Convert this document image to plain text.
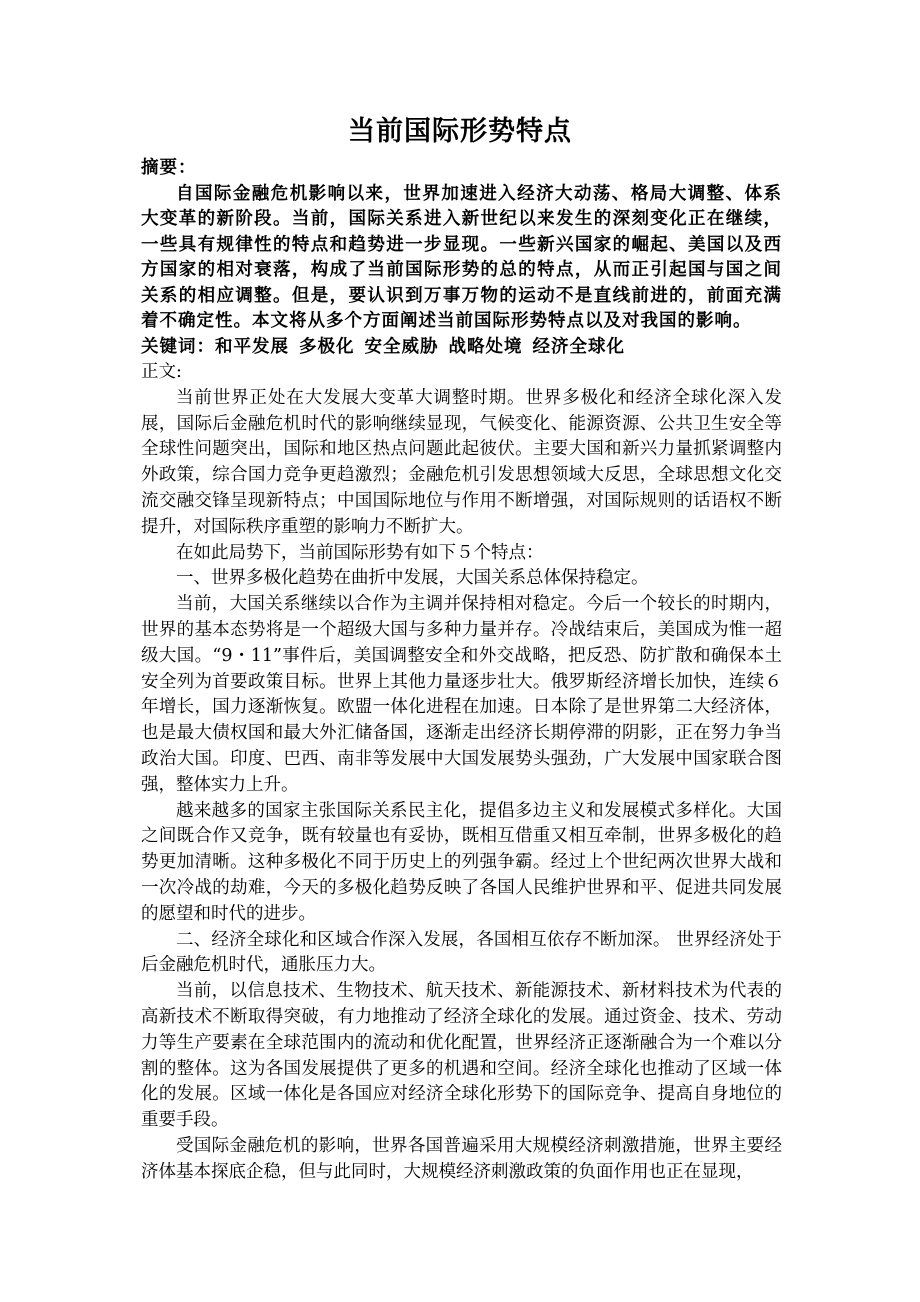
当前国际形势特点
摘要：

自国际金融危机影响以来，世界加速进入经济大动荡、格局大调整、体系大变革的新阶段。当前，国际关系进入新世纪以来发生的深刻变化正在继续，一些具有规律性的特点和趋势进一步显现。一些新兴国家的崛起、美国以及西方国家的相对衰落，构成了当前国际形势的总的特点，从而正引起国与国之间关系的相应调整。但是，要认识到万事万物的运动不是直线前进的，前面充满着不确定性。本文将从多个方面阐述当前国际形势特点以及对我国的影响。

关键词： 和平发展 多极化 安全威胁 战略处境 经济全球化

正文:

当前世界正处在大发展大变革大调整时期。世界多极化和经济全球化深入发展，国际后金融危机时代的影响继续显现，气候变化、能源资源、公共卫生安全等全球性问题突出，国际和地区热点问题此起彼伏。主要大国和新兴力量抓紧调整内外政策，综合国力竞争更趋激烈；金融危机引发思想领域大反思，全球思想文化交流交融交锋呈现新特点；中国国际地位与作用不断增强，对国际规则的话语权不断提升，对国际秩序重塑的影响力不断扩大。

在如此局势下，当前国际形势有如下５个特点：

一、世界多极化趋势在曲折中发展，大国关系总体保持稳定。

当前，大国关系继续以合作为主调并保持相对稳定。今后一个较长的时期内，世界的基本态势将是一个超级大国与多种力量并存。冷战结束后，美国成为惟一超级大国。“9・11”事件后，美国调整安全和外交战略，把反恐、防扩散和确保本土安全列为首要政策目标。世界上其他力量逐步壮大。俄罗斯经济增长加快，连续６年增长，国力逐渐恢复。欧盟一体化进程在加速。日本除了是世界第二大经济体，也是最大债权国和最大外汇储备国，逐渐走出经济长期停滞的阴影，正在努力争当政治大国。印度、巴西、南非等发展中大国发展势头强劲，广大发展中国家联合图强，整体实力上升。

越来越多的国家主张国际关系民主化，提倡多边主义和发展模式多样化。大国之间既合作又竞争，既有较量也有妥协，既相互借重又相互牵制，世界多极化的趋势更加清晰。这种多极化不同于历史上的列强争霸。经过上个世纪两次世界大战和一次冷战的劫难，今天的多极化趋势反映了各国人民维护世界和平、促进共同发展的愿望和时代的进步。

二、经济全球化和区域合作深入发展，各国相互依存不断加深。 世界经济处于后金融危机时代，通胀压力大。

当前，以信息技术、生物技术、航天技术、新能源技术、新材料技术为代表的高新技术不断取得突破，有力地推动了经济全球化的发展。通过资金、技术、劳动力等生产要素在全球范围内的流动和优化配置，世界经济正逐渐融合为一个难以分割的整体。这为各国发展提供了更多的机遇和空间。经济全球化也推动了区域一体化的发展。区域一体化是各国应对经济全球化形势下的国际竞争、提高自身地位的重要手段。

受国际金融危机的影响，世界各国普遍采用大规模经济刺激措施，世界主要经济体基本探底企稳，但与此同时，大规模经济刺激政策的负面作用也正在显现，
